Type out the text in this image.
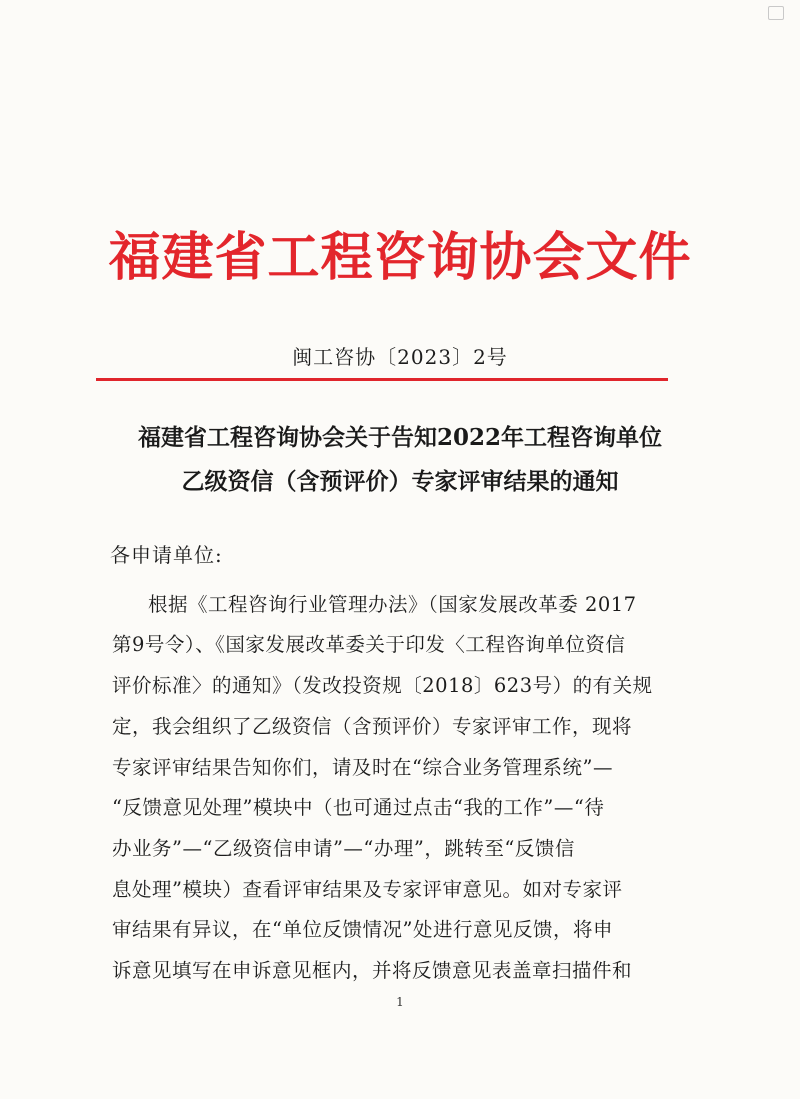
福建省工程咨询协会文件
闽工咨协〔2023〕2号
福建省工程咨询协会关于告知2022年工程咨询单位
乙级资信（含预评价）专家评审结果的通知
各申请单位:
根据《工程咨询行业管理办法》（国家发展改革委 2017
第9号令）、《国家发展改革委关于印发〈工程咨询单位资信
评价标准〉的通知》（发改投资规〔2018〕623号）的有关规
定，我会组织了乙级资信（含预评价）专家评审工作，现将
专家评审结果告知你们，请及时在“综合业务管理系统”—
“反馈意见处理”模块中（也可通过点击“我的工作”—“待
办业务”—“乙级资信申请”—“办理”，跳转至“反馈信
息处理”模块）查看评审结果及专家评审意见。如对专家评
审结果有异议，在“单位反馈情况”处进行意见反馈，将申
诉意见填写在申诉意见框内，并将反馈意见表盖章扫描件和
1
